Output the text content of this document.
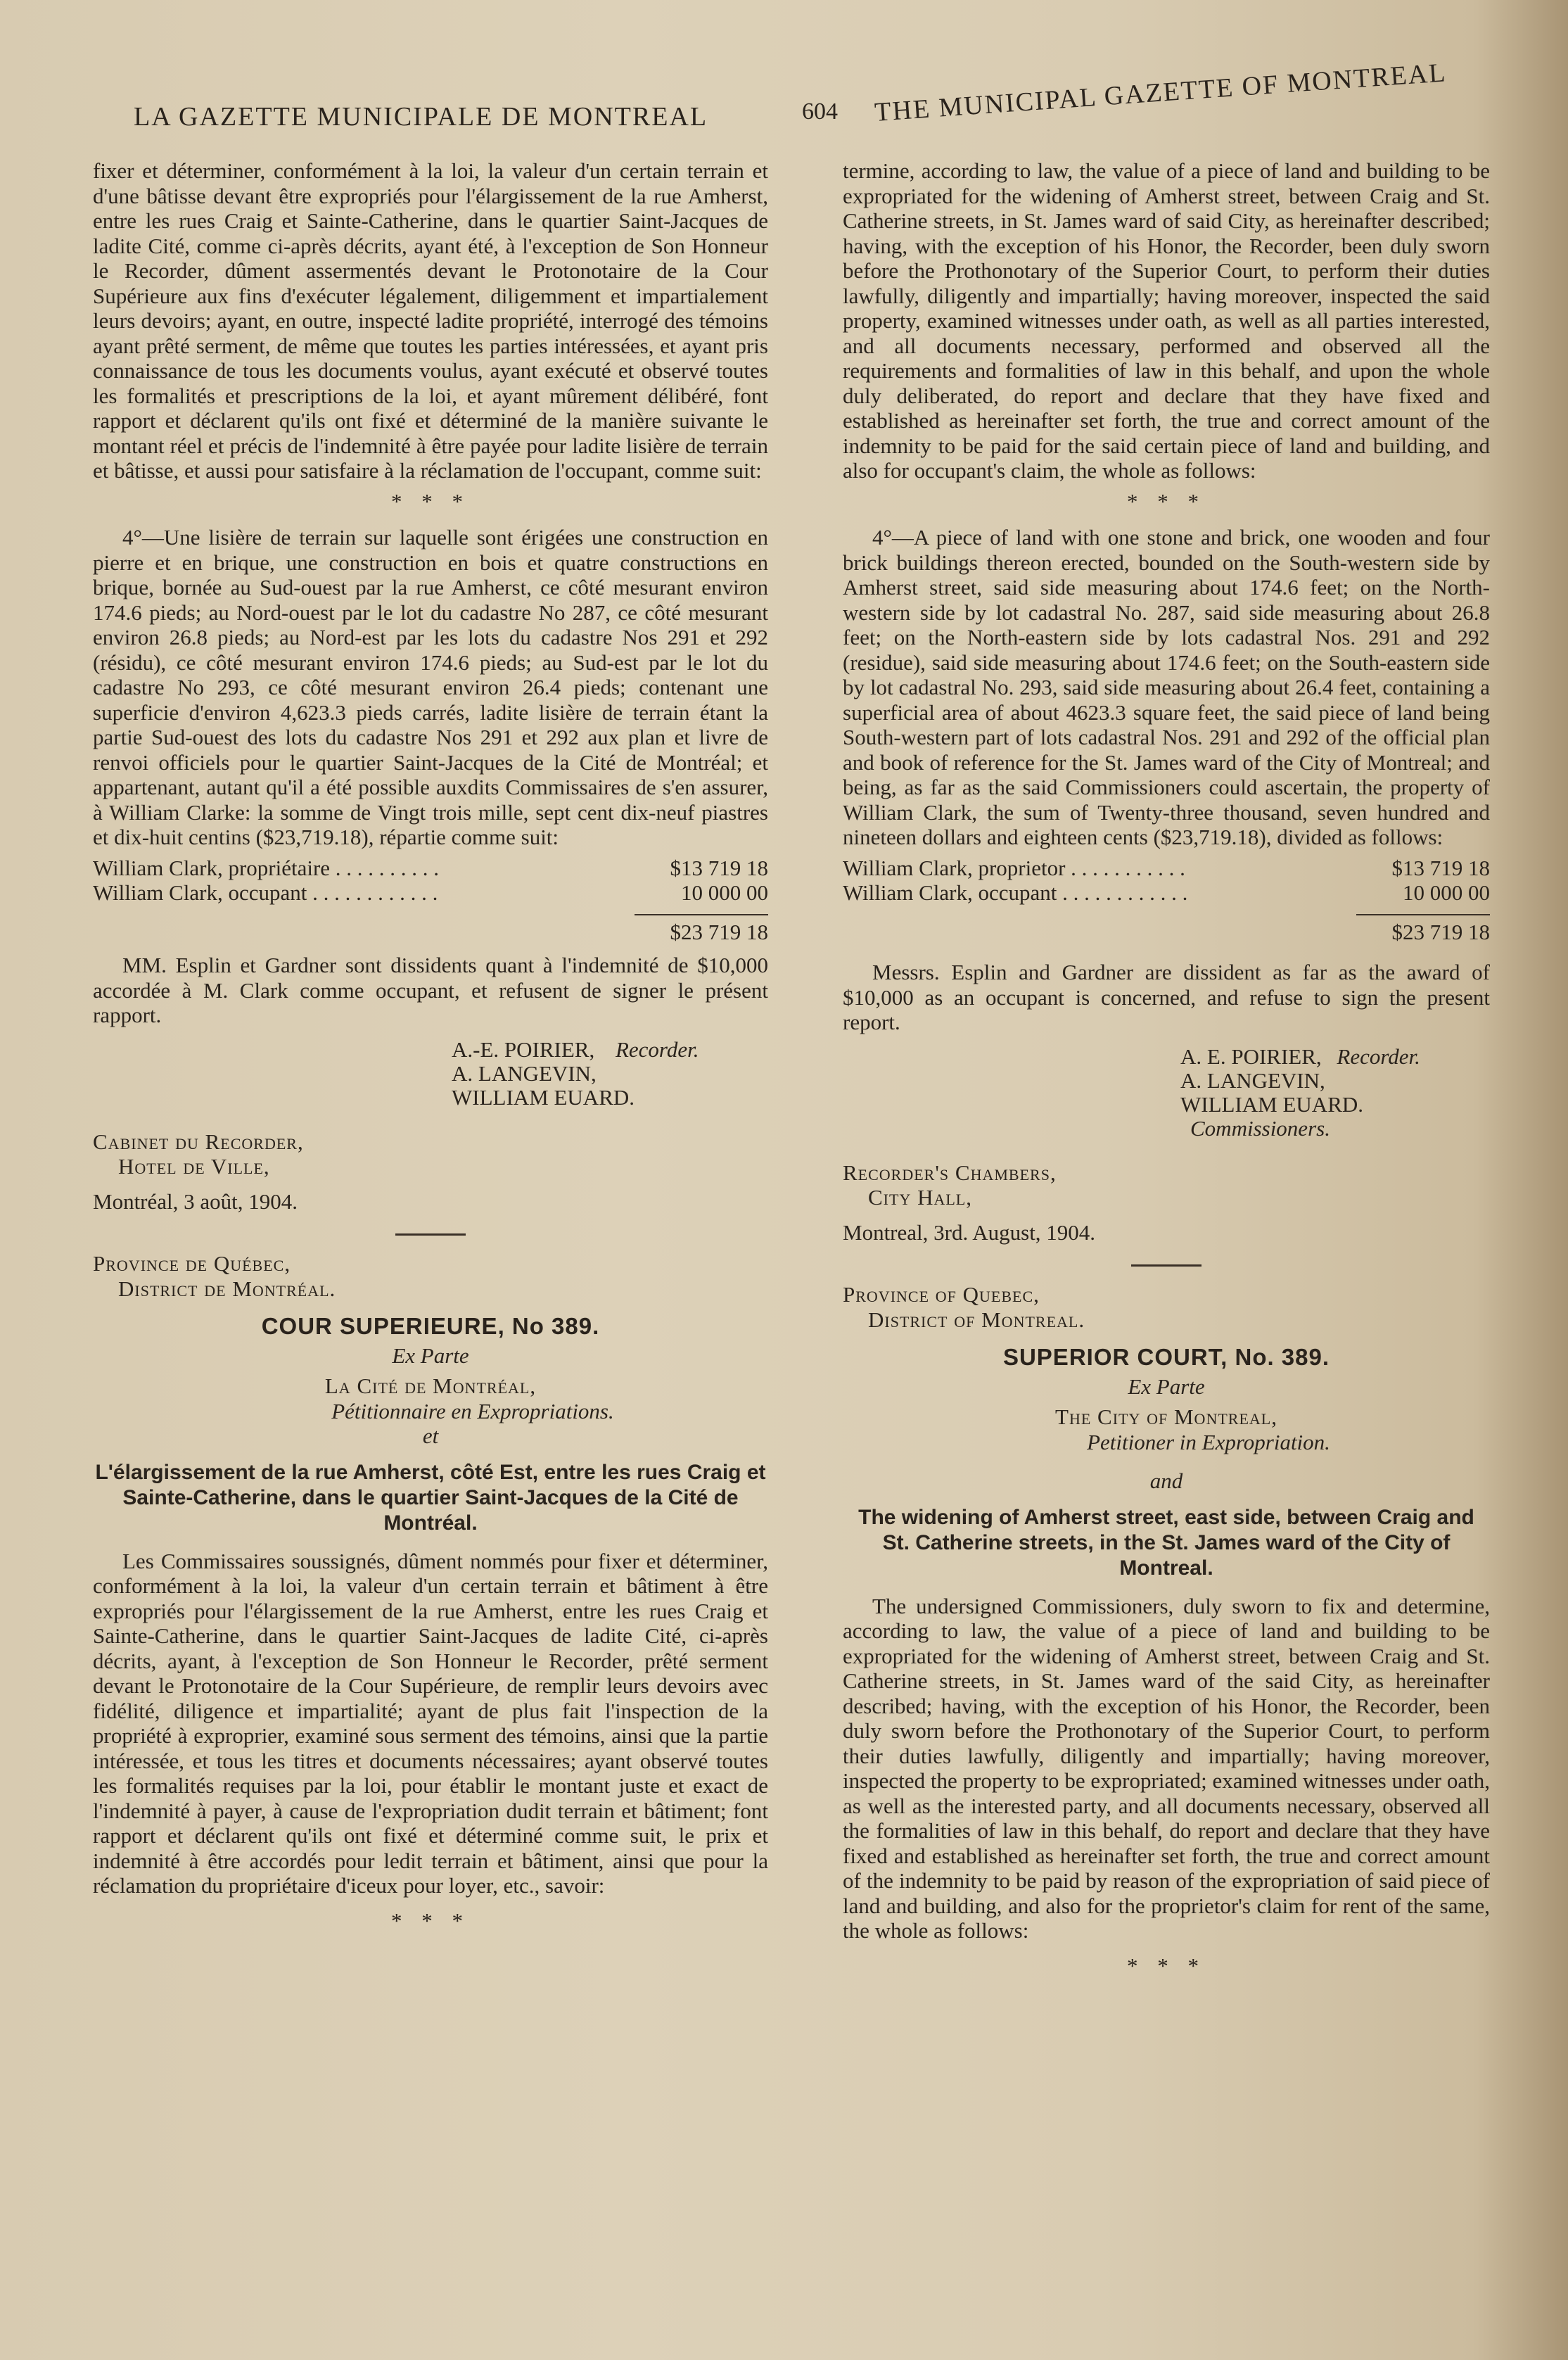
LA GAZETTE MUNICIPALE DE MONTREAL	604 THE MUNICIPAL GAZETTE OF MONTREAL

fixer et déterminer, conformément à la loi, la valeur d'un certain terrain et d'une bâtisse devant être expropriés pour l'élargissement de la rue Amherst, entre les rues Craig et Sainte-Catherine, dans le quartier Saint-Jacques de ladite Cité, comme ci-après décrits, ayant été, à l'exception de Son Honneur le Recorder, dûment assermentés devant le Protonotaire de la Cour Supérieure aux fins d'exécuter légalement, diligemment et impartialement leurs devoirs; ayant, en outre, inspecté ladite propriété, interrogé des témoins ayant prêté serment, de même que toutes les parties intéressées, et ayant pris connaissance de tous les documents voulus, ayant exécuté et observé toutes les formalités et prescriptions de la loi, et ayant mûrement délibéré, font rapport et déclarent qu'ils ont fixé et déterminé de la manière suivante le montant réel et précis de l'indemnité à être payée pour ladite lisière de terrain et bâtisse, et aussi pour satisfaire à la réclamation de l'occupant, comme suit:

* * *

4°—Une lisière de terrain sur laquelle sont érigées une construction en pierre et en brique, une construction en bois et quatre constructions en brique, bornée au Sud-ouest par la rue Amherst, ce côté mesurant environ 174.6 pieds; au Nord-ouest par le lot du cadastre No 287, ce côté mesurant environ 26.8 pieds; au Nord-est par les lots du cadastre Nos 291 et 292 (résidu), ce côté mesurant environ 174.6 pieds; au Sud-est par le lot du cadastre No 293, ce côté mesurant environ 26.4 pieds; contenant une superficie d'environ 4,623.3 pieds carrés, ladite lisière de terrain étant la partie Sud-ouest des lots du cadastre Nos 291 et 292 aux plan et livre de renvoi officiels pour le quartier Saint-Jacques de la Cité de Montréal; et appartenant, autant qu'il a été possible auxdits Commissaires de s'en assurer, à William Clarke: la somme de Vingt trois mille, sept cent dix-neuf piastres et dix-huit centins ($23,719.18), répartie comme suit:

William Clark, propriétaire . . . . . . . . . .	$13 719 18
William Clark, occupant . . . . . . . . . . . .	10 000 00
$23 719 18

MM. Esplin et Gardner sont dissidents quant à l'indemnité de $10,000 accordée à M. Clark comme occupant, et refusent de signer le présent rapport.

A.-E. POIRIER, Recorder.
A. LANGEVIN,
WILLIAM EUARD.
Cabinet du Recorder,
Hotel de Ville,
Montréal, 3 août, 1904.
Province de Québec,
District de Montréal.
COUR SUPERIEURE, No 389.
Ex Parte
La Cité de Montréal,
Pétitionnaire en Expropriations.
et
L'élargissement de la rue Amherst, côté Est, entre les rues Craig et Sainte-Catherine, dans le quartier Saint-Jacques de la Cité de Montréal.

Les Commissaires soussignés, dûment nommés pour fixer et déterminer, conformément à la loi, la valeur d'un certain terrain et bâtiment à être expropriés pour l'élargissement de la rue Amherst, entre les rues Craig et Sainte-Catherine, dans le quartier Saint-Jacques de ladite Cité, ci-après décrits, ayant, à l'exception de Son Honneur le Recorder, prêté serment devant le Protonotaire de la Cour Supérieure, de remplir leurs devoirs avec fidélité, diligence et impartialité; ayant de plus fait l'inspection de la propriété à exproprier, examiné sous serment des témoins, ainsi que la partie intéressée, et tous les titres et documents nécessaires; ayant observé toutes les formalités requises par la loi, pour établir le montant juste et exact de l'indemnité à payer, à cause de l'expropriation dudit terrain et bâtiment; font rapport et déclarent qu'ils ont fixé et déterminé comme suit, le prix et indemnité à être accordés pour ledit terrain et bâtiment, ainsi que pour la réclamation du propriétaire d'iceux pour loyer, etc., savoir:

* * *

termine, according to law, the value of a piece of land and building to be expropriated for the widening of Amherst street, between Craig and St. Catherine streets, in St. James ward of said City, as hereinafter described; having, with the exception of his Honor, the Recorder, been duly sworn before the Prothonotary of the Superior Court, to perform their duties lawfully, diligently and impartially; having moreover, inspected the said property, examined witnesses under oath, as well as all parties interested, and all documents necessary, performed and observed all the requirements and formalities of law in this behalf, and upon the whole duly deliberated, do report and declare that they have fixed and established as hereinafter set forth, the true and correct amount of the indemnity to be paid for the said certain piece of land and building, and also for occupant's claim, the whole as follows:

* * *

4°—A piece of land with one stone and brick, one wooden and four brick buildings thereon erected, bounded on the South-western side by Amherst street, said side measuring about 174.6 feet; on the North-western side by lot cadastral No. 287, said side measuring about 26.8 feet; on the North-eastern side by lots cadastral Nos. 291 and 292 (residue), said side measuring about 174.6 feet; on the South-eastern side by lot cadastral No. 293, said side measuring about 26.4 feet, containing a superficial area of about 4623.3 square feet, the said piece of land being South-western part of lots cadastral Nos. 291 and 292 of the official plan and book of reference for the St. James ward of the City of Montreal; and being, as far as the said Commissioners could ascertain, the property of William Clark, the sum of Twenty-three thousand, seven hundred and nineteen dollars and eighteen cents ($23,719.18), divided as follows:

William Clark, proprietor . . . . . . . . . . .	$13 719 18
William Clark, occupant . . . . . . . . . . . .	10 000 00
$23 719 18

Messrs. Esplin and Gardner are dissident as far as the award of $10,000 as an occupant is concerned, and refuse to sign the present report.

A. E. POIRIER, Recorder.
A. LANGEVIN,
WILLIAM EUARD. Commissioners.
Recorder's Chambers,
City Hall,
Montreal, 3rd. August, 1904.
Province of Quebec,
District of Montreal.
SUPERIOR COURT, No. 389.
Ex Parte
The City of Montreal,
Petitioner in Expropriation.
and
The widening of Amherst street, east side, between Craig and St. Catherine streets, in the St. James ward of the City of Montreal.

The undersigned Commissioners, duly sworn to fix and determine, according to law, the value of a piece of land and building to be expropriated for the widening of Amherst street, between Craig and St. Catherine streets, in St. James ward of the said City, as hereinafter described; having, with the exception of his Honor, the Recorder, been duly sworn before the Prothonotary of the Superior Court, to perform their duties lawfully, diligently and impartially; having moreover, inspected the property to be expropriated; examined witnesses under oath, as well as the interested party, and all documents necessary, observed all the formalities of law in this behalf, do report and declare that they have fixed and established as hereinafter set forth, the true and correct amount of the indemnity to be paid by reason of the expropriation of said piece of land and building, and also for the proprietor's claim for rent of the same, the whole as follows:

* * *
